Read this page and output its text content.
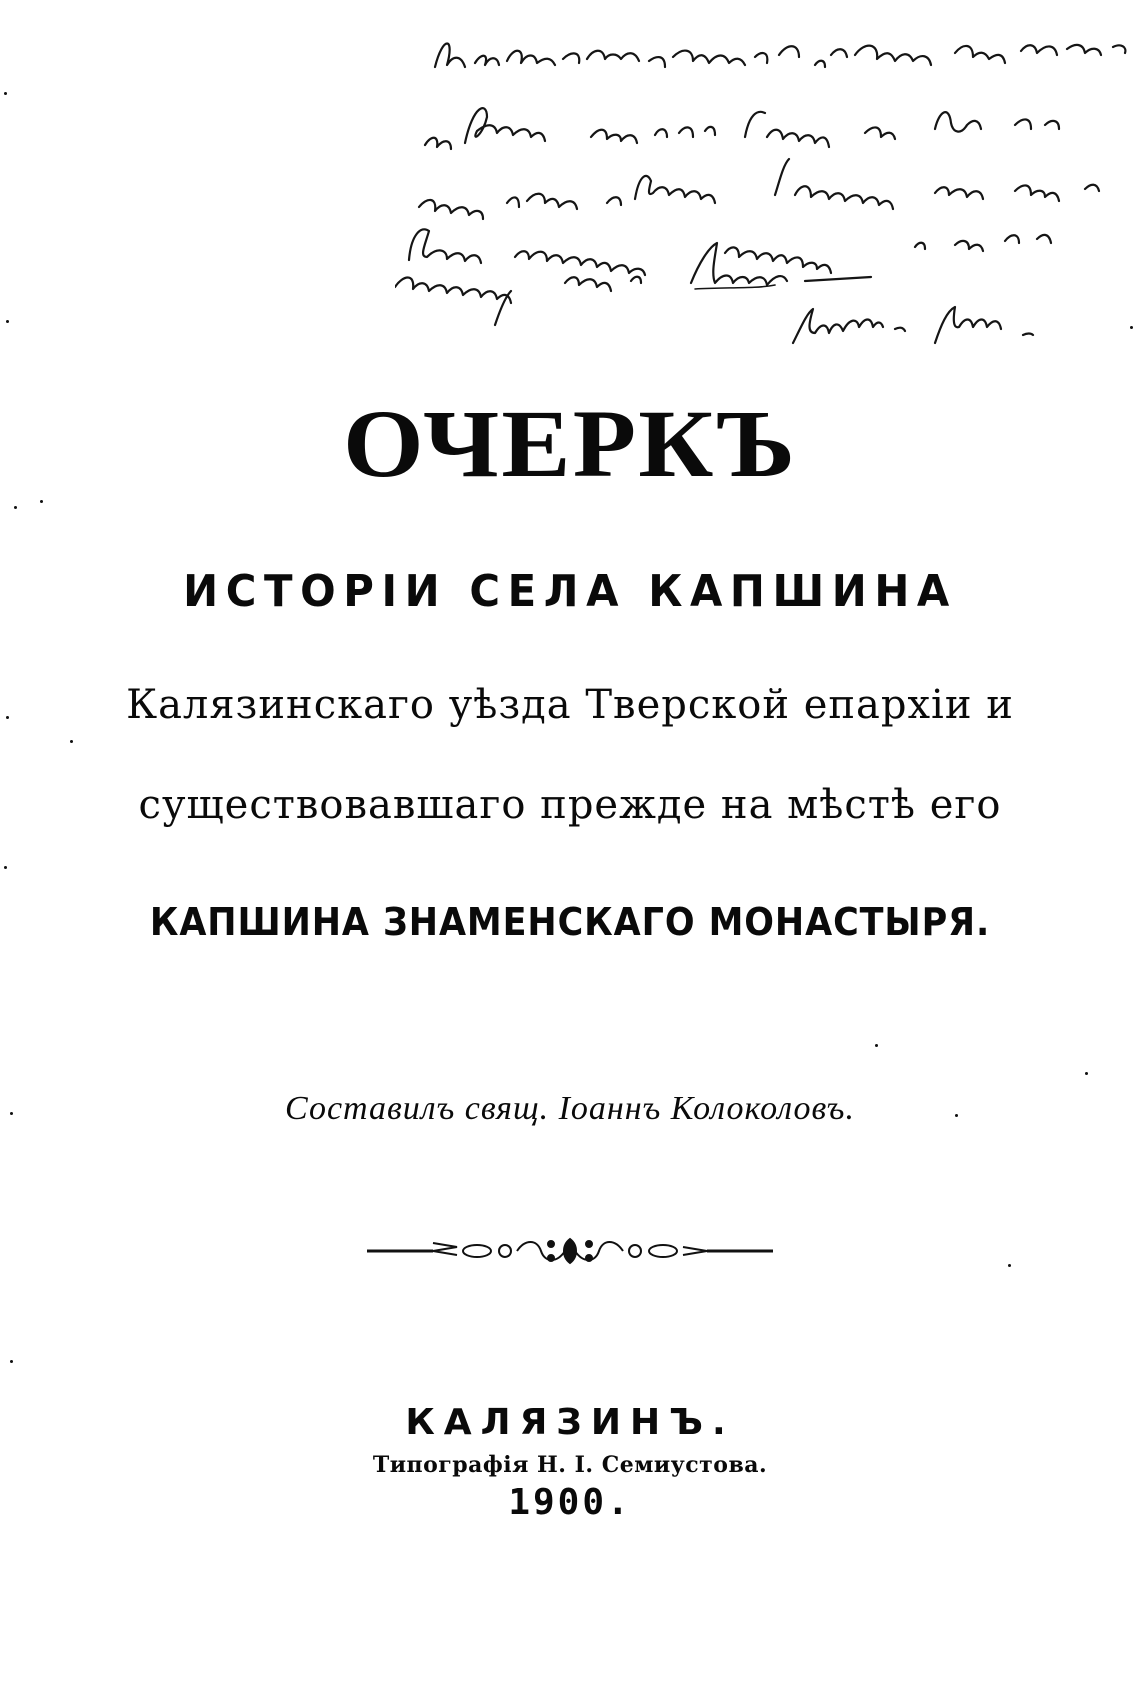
ОЧЕРКЪ
ИСТОРІИ СЕЛА КАПШИНА
Калязинскаго уѣзда Тверской епархіи и
существовавшаго прежде на мѣстѣ его
КАПШИНА ЗНАМЕНСКАГО МОНАСТЫРЯ.
Составилъ свящ. Іоаннъ Колоколовъ.
КАЛЯЗИНЪ.
Типографія Н. І. Семиустова.
1900.
